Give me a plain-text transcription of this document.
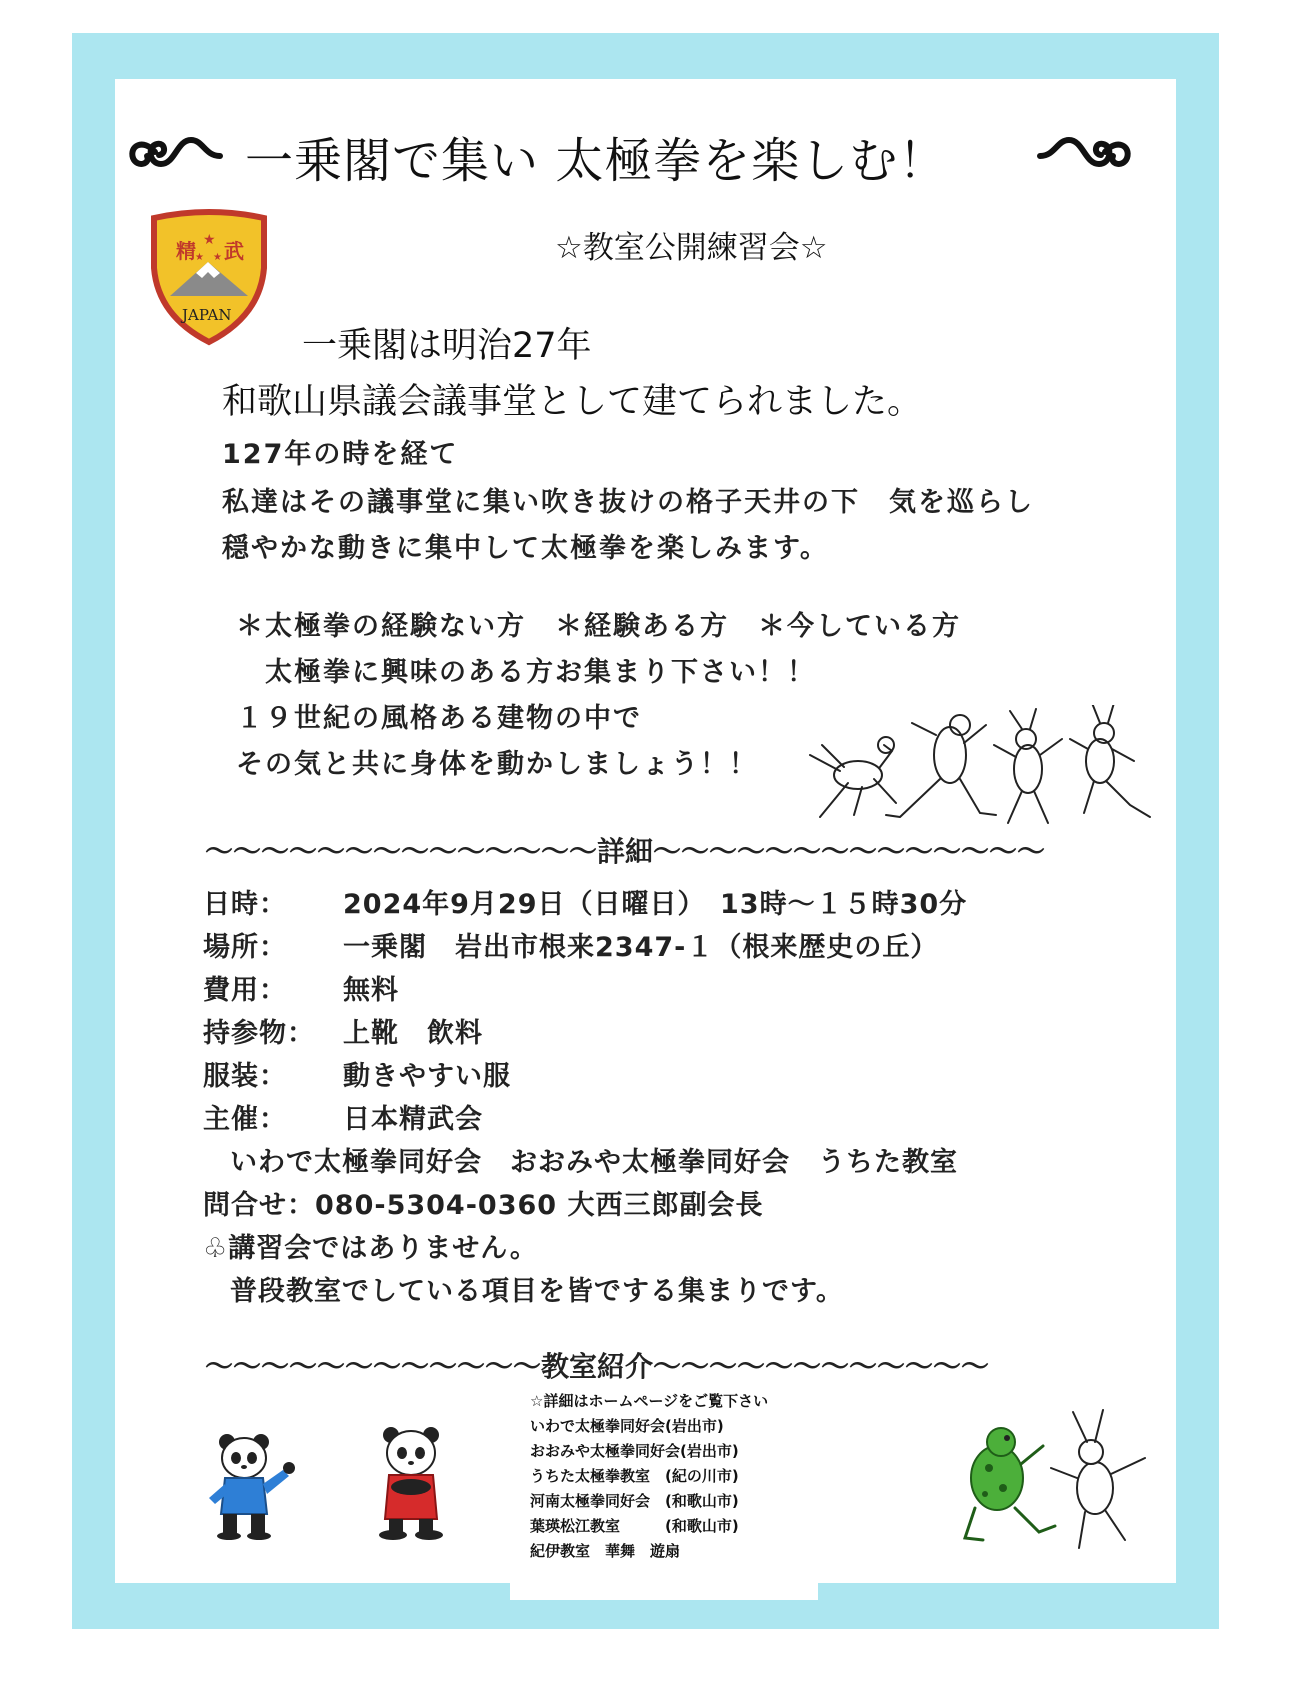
一乗閣で集い 太極拳を楽しむ！
☆教室公開練習会☆
精 武
★
★ ★
JAPAN
一乗閣は明治27年
和歌山県議会議事堂として建てられました。
127年の時を経て
私達はその議事堂に集い吹き抜けの格子天井の下　気を巡らし
穏やかな動きに集中して太極拳を楽しみます。
＊太極拳の経験ない方　＊経験ある方　＊今している方
太極拳に興味のある方お集まり下さい！！
１９世紀の風格ある建物の中で
その気と共に身体を動かしましょう！！
〜〜〜〜〜〜〜〜〜〜〜〜〜〜詳細〜〜〜〜〜〜〜〜〜〜〜〜〜〜
日時： 2024年9月29日（日曜日）　13時〜１５時30分
場所： 一乗閣　岩出市根来2347-１（根来歴史の丘）
費用： 無料
持参物： 上靴　飲料
服装： 動きやすい服
主催： 日本精武会
いわで太極拳同好会　おおみや太極拳同好会　うちた教室
問合せ：080-5304-0360 大西三郎副会長
♧講習会ではありません。
普段教室でしている項目を皆でする集まりです。
〜〜〜〜〜〜〜〜〜〜〜〜教室紹介〜〜〜〜〜〜〜〜〜〜〜〜
☆詳細はホームページをご覧下さい
いわで太極拳同好会(岩出市)
おおみや太極拳同好会(岩出市)
うちた太極拳教室　(紀の川市)
河南太極拳同好会　(和歌山市)
葉瑛松江教室　　　(和歌山市)
紀伊教室　華舞　遊扇
